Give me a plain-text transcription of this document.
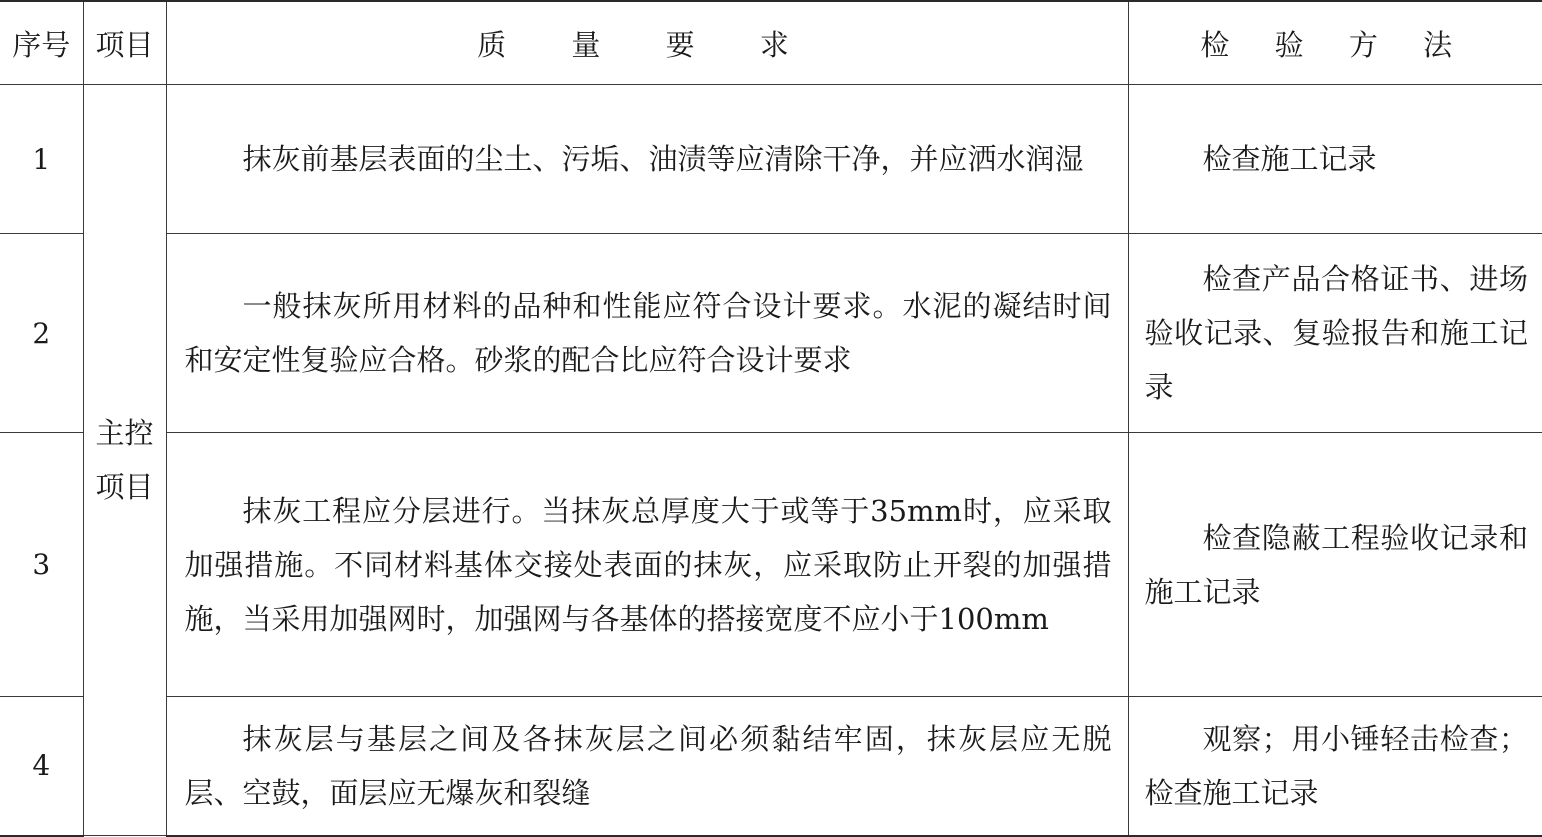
序号	项目	质 量 要 求	检 验 方 法
1	主控项目	抹灰前基层表面的尘土、污垢、油渍等应清除干净，并应洒水润湿	检查施工记录
2		一般抹灰所用材料的品种和性能应符合设计要求。水泥的凝结时间和安定性复验应合格。砂浆的配合比应符合设计要求	检查产品合格证书、进场验收记录、复验报告和施工记录
3		抹灰工程应分层进行。当抹灰总厚度大于或等于35mm时，应采取加强措施。不同材料基体交接处表面的抹灰，应采取防止开裂的加强措施，当采用加强网时，加强网与各基体的搭接宽度不应小于100mm	检查隐蔽工程验收记录和施工记录
4		抹灰层与基层之间及各抹灰层之间必须黏结牢固，抹灰层应无脱层、空鼓，面层应无爆灰和裂缝	观察；用小锤轻击检查；检查施工记录
